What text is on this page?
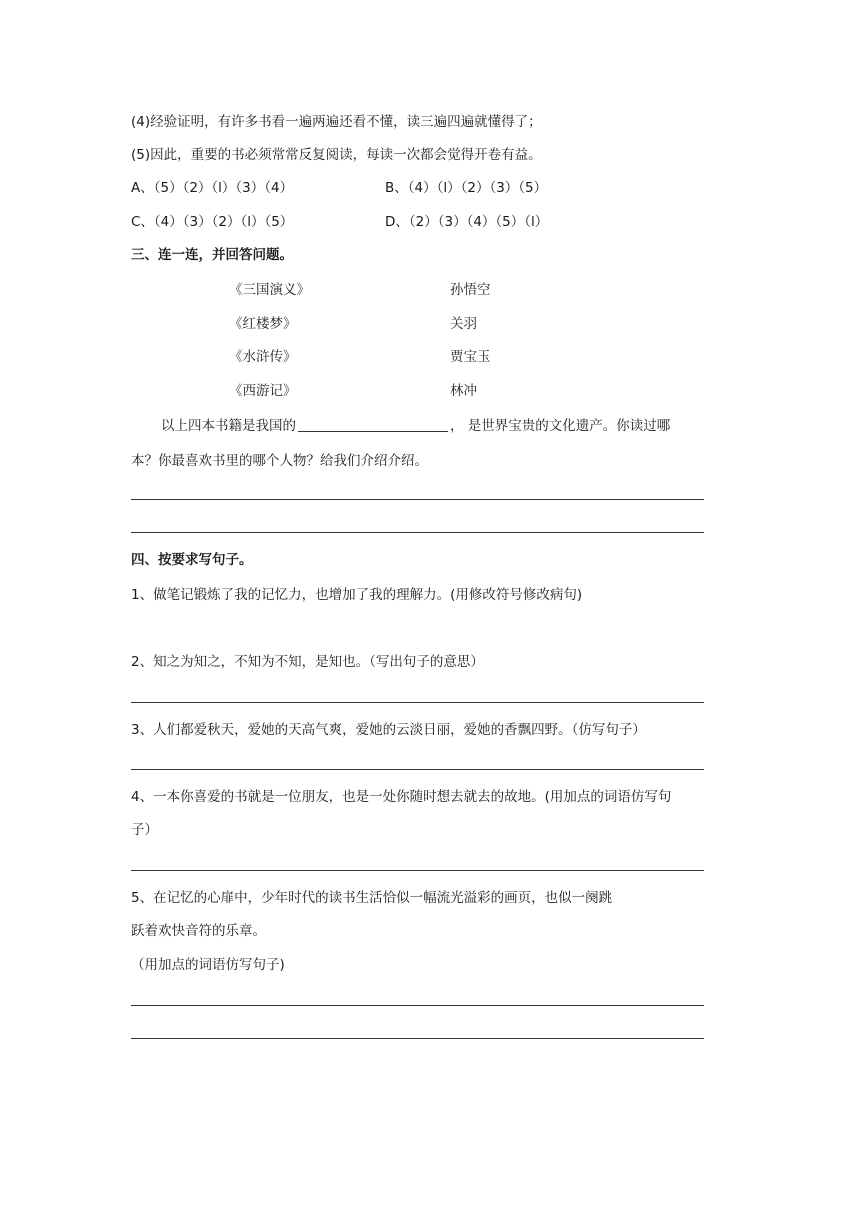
(4)经验证明，有许多书看一遍两遍还看不懂，读三遍四遍就懂得了；
(5)因此，重要的书必须常常反复阅读，每读一次都会觉得开卷有益。
A、（5）（2）（l）（3）（4）	B、（4）（l）（2）（3）（5）
C、（4）（3）（2）（l）（5）	D、（2）（3）（4）（5）（l）
三、连一连，并回答问题。
《三国演义》	孙悟空
《红楼梦》	关羽
《水浒传》	贾宝玉
《西游记》	林冲
以上四本书籍是我国的	， 是世界宝贵的文化遗产。你读过哪
本？你最喜欢书里的哪个人物？给我们介绍介绍。
四、按要求写句子。
1、做笔记锻炼了我的记忆力，也增加了我的理解力。(用修改符号修改病句)
2、知之为知之，不知为不知，是知也。（写出句子的意思）
3、人们都爱秋天，爱她的天高气爽，爱她的云淡日丽，爱她的香飘四野。（仿写句子）
4、一本你喜爱的书就是一位朋友，也是一处你随时想去就去的故地。(用加点的词语仿写句
子）
5、在记忆的心扉中，少年时代的读书生活恰似一幅流光溢彩的画页，也似一阕跳
跃着欢快音符的乐章。
（用加点的词语仿写句子)
